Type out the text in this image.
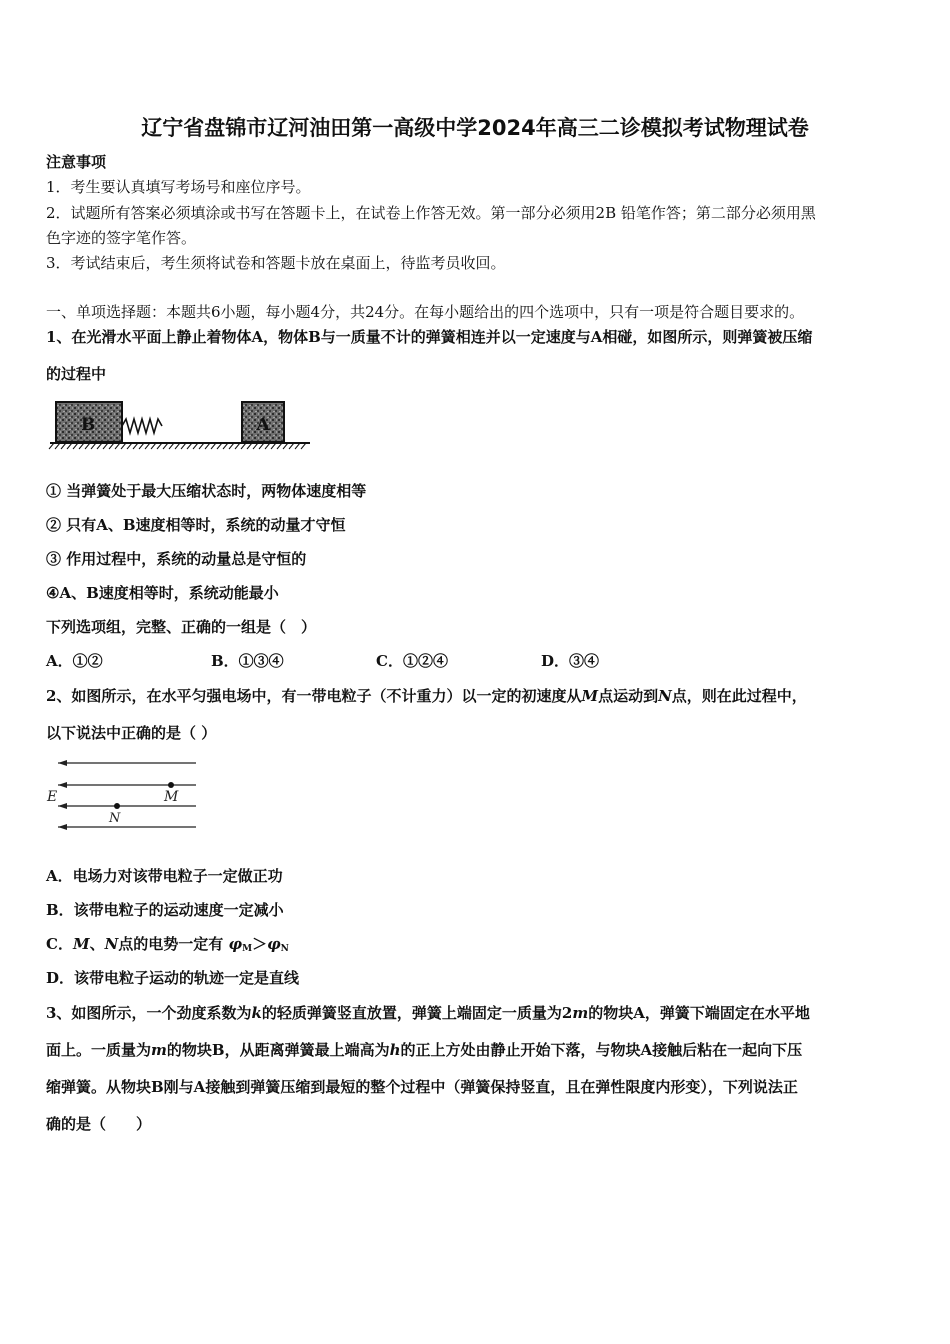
辽宁省盘锦市辽河油田第一高级中学2024年高三二诊模拟考试物理试卷
注意事项
1．考生要认真填写考场号和座位序号。
2．试题所有答案必须填涂或书写在答题卡上，在试卷上作答无效。第一部分必须用2B 铅笔作答；第二部分必须用黑
色字迹的签字笔作答。
3．考试结束后，考生须将试卷和答题卡放在桌面上，待监考员收回。
一、单项选择题：本题共6小题，每小题4分，共24分。在每小题给出的四个选项中，只有一项是符合题目要求的。
1、在光滑水平面上静止着物体A，物体B与一质量不计的弹簧相连并以一定速度与A相碰，如图所示，则弹簧被压缩
的过程中
B	A
① 当弹簧处于最大压缩状态时，两物体速度相等
② 只有A、B速度相等时，系统的动量才守恒
③ 作用过程中，系统的动量总是守恒的
④A、B速度相等时，系统动能最小
下列选项组，完整、正确的一组是（　）
A．①②	B．①③④	C．①②④	D．③④
2、如图所示，在水平匀强电场中，有一带电粒子（不计重力）以一定的初速度从M点运动到N点，则在此过程中，
以下说法中正确的是（ ）
E	M
N
A．电场力对该带电粒子一定做正功
B．该带电粒子的运动速度一定减小
C．M、N点的电势一定有 $\varphi_M>\varphi_N$
D．该带电粒子运动的轨迹一定是直线
3、如图所示，一个劲度系数为k的轻质弹簧竖直放置，弹簧上端固定一质量为2m的物块A，弹簧下端固定在水平地
面上。一质量为m的物块B，从距离弹簧最上端高为h的正上方处由静止开始下落，与物块A接触后粘在一起向下压
缩弹簧。从物块B刚与A接触到弹簧压缩到最短的整个过程中（弹簧保持竖直，且在弹性限度内形变），下列说法正
确的是（　　）
